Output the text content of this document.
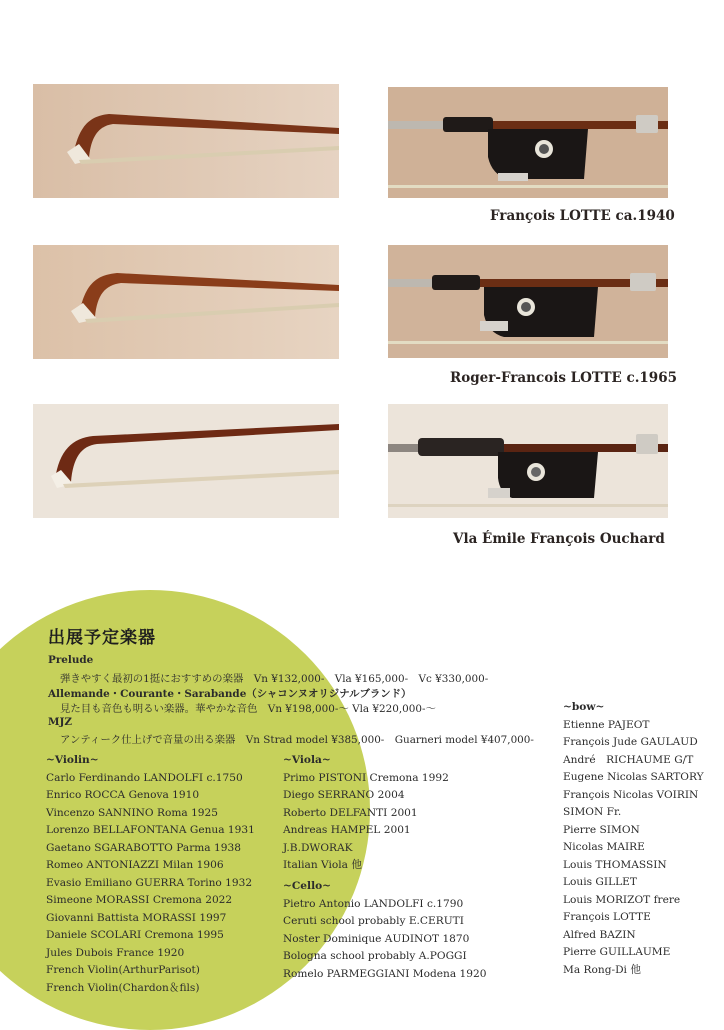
François LOTTE ca.1940
Roger-Francois LOTTE c.1965
Vla Émile François Ouchard
出展予定楽器
Prelude
弾きやすく最初の1挺におすすめの楽器　Vn ¥132,000-　Vla ¥165,000-　Vc ¥330,000-
Allemande・Courante・Sarabande（シャコンヌオリジナルブランド）
見た目も音色も明るい楽器。華やかな音色　Vn ¥198,000-～ Vla ¥220,000-～
MJZ
アンティーク仕上げで音量の出る楽器　Vn Strad model ¥385,000-　Guarneri model ¥407,000-
~Violin~
Carlo Ferdinando LANDOLFI c.1750
Enrico ROCCA Genova 1910
Vincenzo SANNINO Roma 1925
Lorenzo BELLAFONTANA Genua 1931
Gaetano SGARABOTTO Parma 1938
Romeo ANTONIAZZI Milan 1906
Evasio Emiliano GUERRA Torino 1932
Simeone MORASSI Cremona 2022
Giovanni Battista MORASSI 1997
Daniele SCOLARI Cremona 1995
Jules Dubois France 1920
French Violin(ArthurParisot)
French Violin(Chardon＆fils)
~Viola~
Primo PISTONI Cremona 1992
Diego SERRANO 2004
Roberto DELFANTI 2001
Andreas HAMPEL 2001
J.B.DWORAK
Italian Viola 他
~Cello~
Pietro Antonio LANDOLFI c.1790
Ceruti school probably E.CERUTI
Noster Dominique AUDINOT 1870
Bologna school probably A.POGGI
Romelo PARMEGGIANI Modena 1920
~bow~
Etienne PAJEOT
François Jude GAULAUD
André　RICHAUME G/T
Eugene Nicolas SARTORY
François Nicolas VOIRIN
SIMON Fr.
Pierre SIMON
Nicolas MAIRE
Louis THOMASSIN
Louis GILLET
Louis MORIZOT frere
François LOTTE
Alfred BAZIN
Pierre GUILLAUME
Ma Rong-Di 他
